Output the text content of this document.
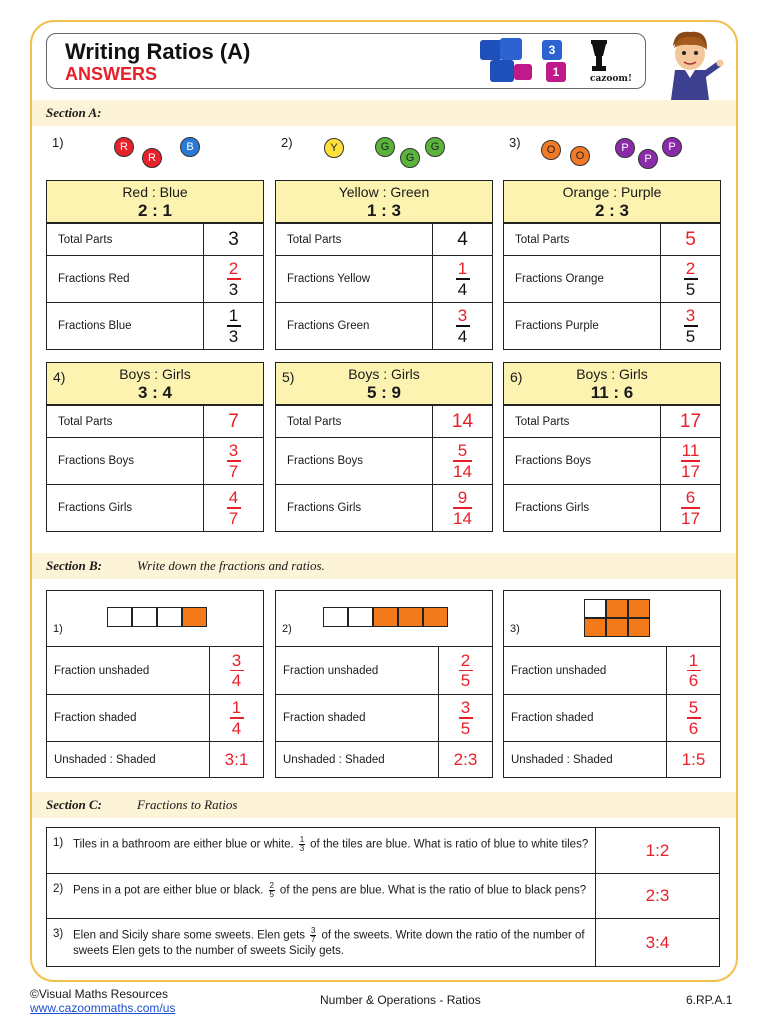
Writing Ratios (A)
ANSWERS
3
1	cazoom!
Section A:
1)	R
R
B	2)	Y	G
G
G	3)	O	O
P
P
P
Red : Blue
2 : 1
Total Parts	3
Fractions Red	$\frac{2}{3}$
Fractions Blue	$\frac{1}{3}$
Yellow : Green
1 : 3
Total Parts	4
Fractions Yellow	$\frac{1}{4}$
Fractions Green	$\frac{3}{4}$
Orange : Purple
2 : 3
Total Parts	5
Fractions Orange	$\frac{2}{5}$
Fractions Purple	$\frac{3}{5}$
4)	Boys : Girls
3 : 4
Total Parts	7
Fractions Boys	$\frac{3}{7}$
Fractions Girls	$\frac{4}{7}$
5)	Boys : Girls
5 : 9
Total Parts	14
Fractions Boys	$\frac{5}{14}$
Fractions Girls	$\frac{9}{14}$
6)	Boys : Girls
11 : 6
Total Parts	17
Fractions Boys	$\frac{11}{17}$
Fractions Girls	$\frac{6}{17}$
Section B:	Write down the fractions and ratios.
1)
Fraction unshaded	$\frac{3}{4}$
Fraction shaded	$\frac{1}{4}$
Unshaded : Shaded	3:1
2)
Fraction unshaded	$\frac{2}{5}$
Fraction shaded	$\frac{3}{5}$
Unshaded : Shaded	2:3
3)
Fraction unshaded	$\frac{1}{6}$
Fraction shaded	$\frac{5}{6}$
Unshaded : Shaded	1:5
Section C:	Fractions to Ratios
1) Tiles in a bathroom are either blue or white. $\frac{1}{3}$ of the tiles are blue. What is ratio of blue to white tiles?	1:2
2) Pens in a pot are either blue or black. $\frac{2}{5}$ of the pens are blue. What is the ratio of blue to black pens?	2:3
3) Elen and Sicily share some sweets. Elen gets $\frac{3}{7}$ of the sweets. Write down the ratio of the number of sweets Elen gets to the number of sweets Sicily gets.	3:4
©Visual Maths Resources
www.cazoommaths.com/us
Number & Operations - Ratios	6.RP.A.1
